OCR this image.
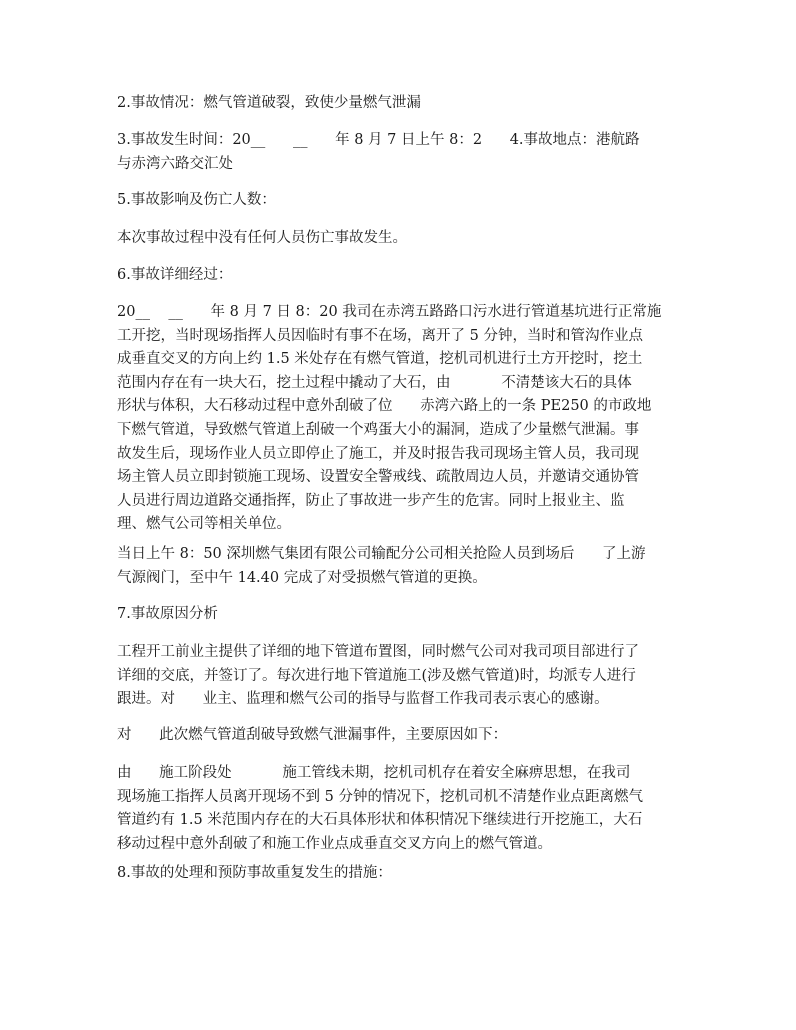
2.事故情况：燃气管道破裂，致使少量燃气泄漏

3.事故发生时间：20__      __      年 8 月 7 日上午 8：2      4.事故地点：港航路
与赤湾六路交汇处

5.事故影响及伤亡人数：

本次事故过程中没有任何人员伤亡事故发生。

6.事故详细经过：

20__    __      年 8 月 7 日 8：20 我司在赤湾五路路口污水进行管道基坑进行正常施
工开挖，当时现场指挥人员因临时有事不在场，离开了 5 分钟，当时和管沟作业点
成垂直交叉的方向上约 1.5 米处存在有燃气管道，挖机司机进行土方开挖时，挖土
范围内存在有一块大石，挖土过程中撬动了大石，由           不清楚该大石的具体
形状与体积，大石移动过程中意外刮破了位      赤湾六路上的一条 PE250 的市政地
下燃气管道，导致燃气管道上刮破一个鸡蛋大小的漏洞，造成了少量燃气泄漏。事
故发生后，现场作业人员立即停止了施工，并及时报告我司现场主管人员，我司现
场主管人员立即封锁施工现场、设置安全警戒线、疏散周边人员，并邀请交通协管
人员进行周边道路交通指挥，防止了事故进一步产生的危害。同时上报业主、监
理、燃气公司等相关单位。

当日上午 8：50 深圳燃气集团有限公司输配分公司相关抢险人员到场后      了上游
气源阀门，至中午 14.40 完成了对受损燃气管道的更换。

7.事故原因分析

工程开工前业主提供了详细的地下管道布置图，同时燃气公司对我司项目部进行了
详细的交底，并签订了。每次进行地下管道施工(涉及燃气管道)时，均派专人进行
跟进。对      业主、监理和燃气公司的指导与监督工作我司表示衷心的感谢。

对      此次燃气管道刮破导致燃气泄漏事件，主要原因如下：

由      施工阶段处           施工管线未期，挖机司机存在着安全麻痹思想，在我司
现场施工指挥人员离开现场不到 5 分钟的情况下，挖机司机不清楚作业点距离燃气
管道约有 1.5 米范围内存在的大石具体形状和体积情况下继续进行开挖施工，大石
移动过程中意外刮破了和施工作业点成垂直交叉方向上的燃气管道。

8.事故的处理和预防事故重复发生的措施：
